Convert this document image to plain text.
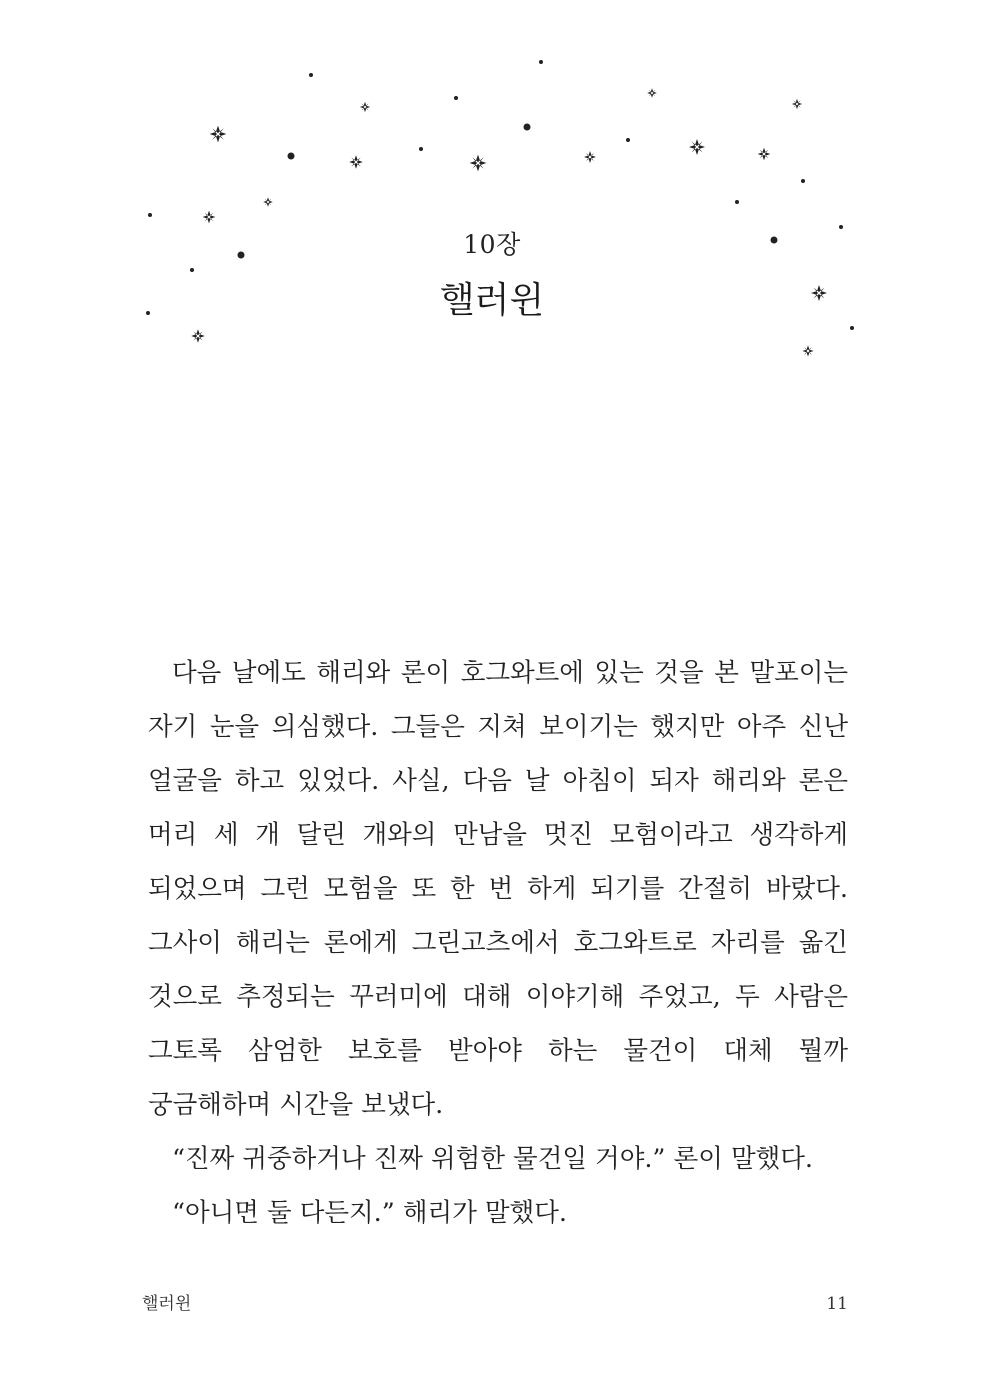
10장
핼러윈

다음 날에도 해리와 론이 호그와트에 있는 것을 본 말포이는 자기 눈을 의심했다. 그들은 지쳐 보이기는 했지만 아주 신난 얼굴을 하고 있었다. 사실, 다음 날 아침이 되자 해리와 론은 머리 세 개 달린 개와의 만남을 멋진 모험이라고 생각하게 되었으며 그런 모험을 또 한 번 하게 되기를 간절히 바랐다. 그사이 해리는 론에게 그린고츠에서 호그와트로 자리를 옮긴 것으로 추정되는 꾸러미에 대해 이야기해 주었고, 두 사람은 그토록 삼엄한 보호를 받아야 하는 물건이 대체 뭘까 궁금해하며 시간을 보냈다.

“진짜 귀중하거나 진짜 위험한 물건일 거야.” 론이 말했다.

“아니면 둘 다든지.” 해리가 말했다.

핼러윈	11
